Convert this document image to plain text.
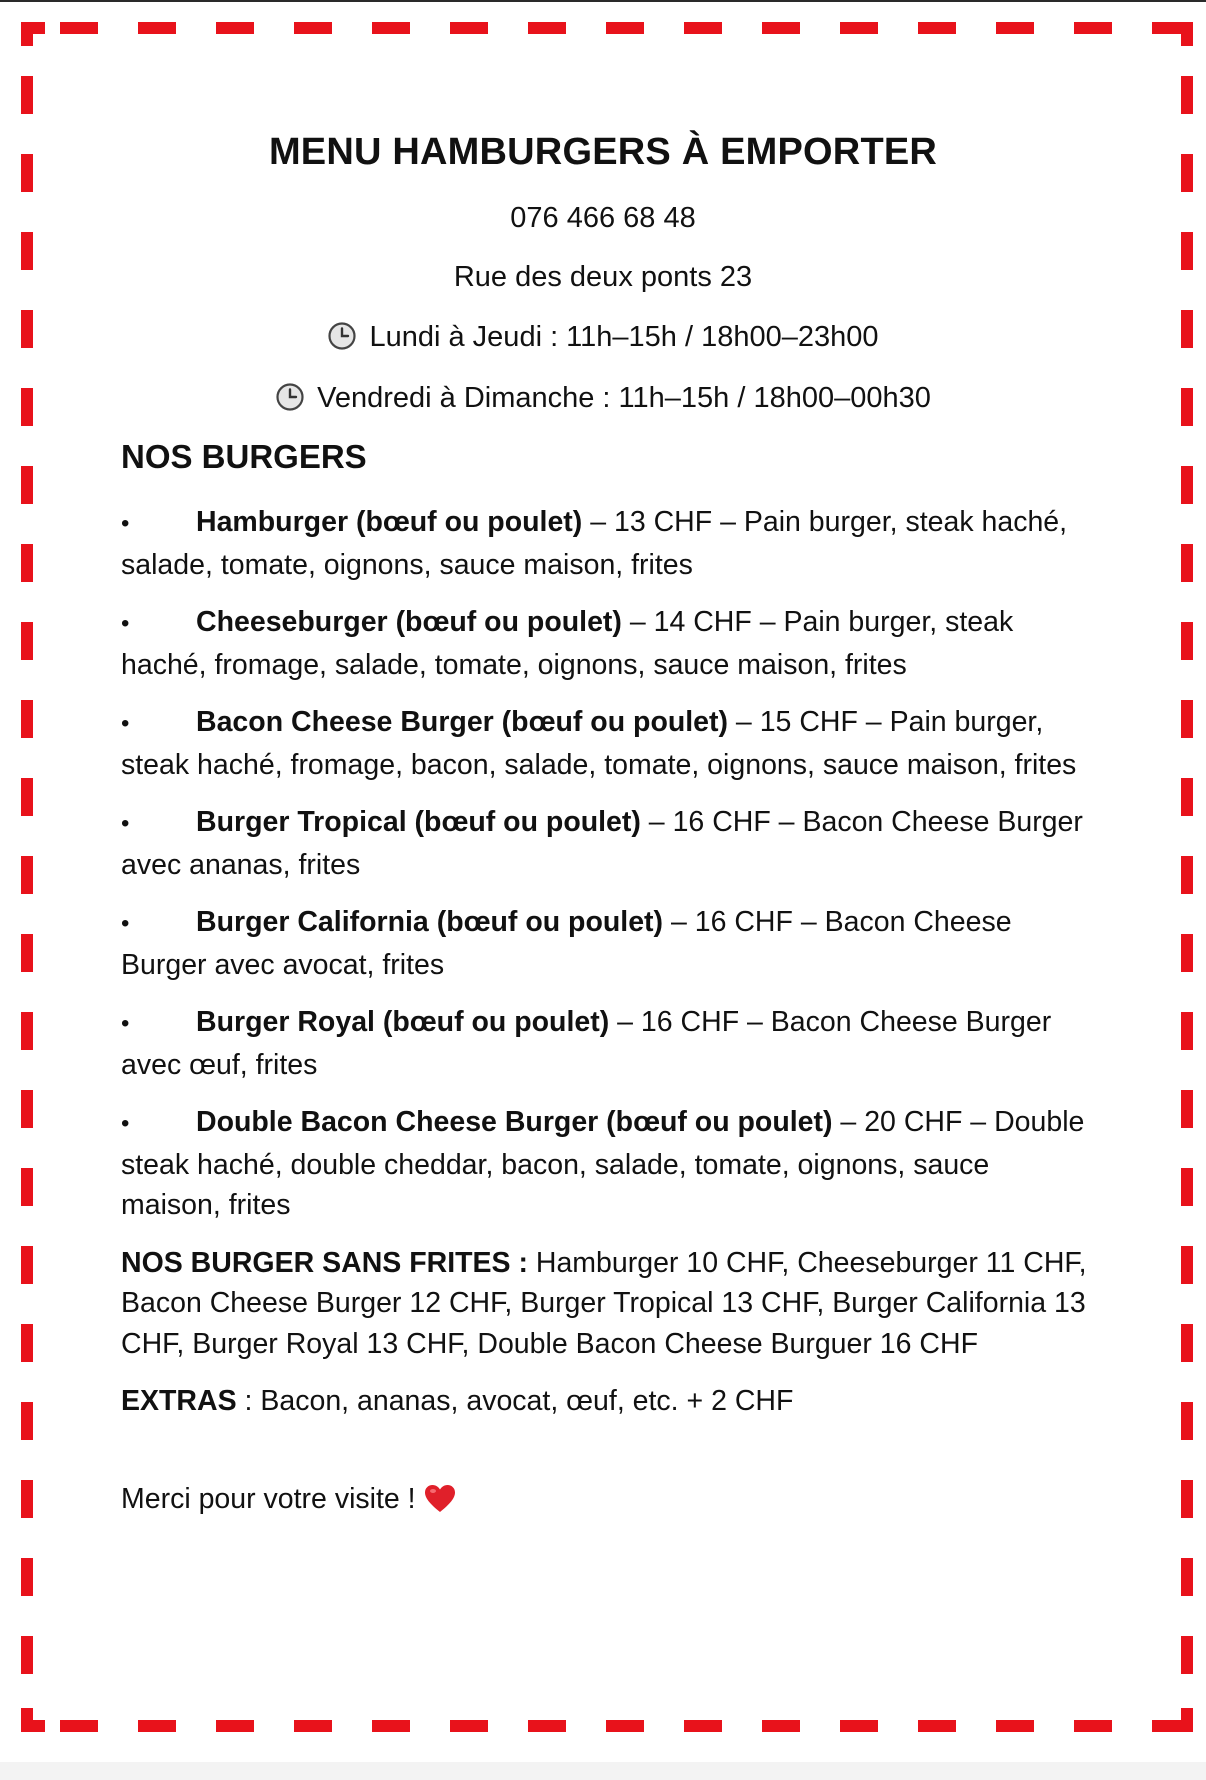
MENU HAMBURGERS À EMPORTER
076 466 68 48
Rue des deux ponts 23
Lundi à Jeudi : 11h–15h / 18h00–23h00
Vendredi à Dimanche : 11h–15h / 18h00–00h30
NOS BURGERS
• Hamburger (bœuf ou poulet) – 13 CHF – Pain burger, steak haché, salade, tomate, oignons, sauce maison, frites
• Cheeseburger (bœuf ou poulet) – 14 CHF – Pain burger, steak haché, fromage, salade, tomate, oignons, sauce maison, frites
• Bacon Cheese Burger (bœuf ou poulet) – 15 CHF – Pain burger, steak haché, fromage, bacon, salade, tomate, oignons, sauce maison, frites
• Burger Tropical (bœuf ou poulet) – 16 CHF – Bacon Cheese Burger avec ananas, frites
• Burger California (bœuf ou poulet) – 16 CHF – Bacon Cheese Burger avec avocat, frites
• Burger Royal (bœuf ou poulet) – 16 CHF – Bacon Cheese Burger avec œuf, frites
• Double Bacon Cheese Burger (bœuf ou poulet) – 20 CHF – Double steak haché, double cheddar, bacon, salade, tomate, oignons, sauce maison, frites
NOS BURGER SANS FRITES : Hamburger 10 CHF, Cheeseburger 11 CHF, Bacon Cheese Burger 12 CHF, Burger Tropical 13 CHF, Burger California 13 CHF, Burger Royal 13 CHF, Double Bacon Cheese Burguer 16 CHF
EXTRAS : Bacon, ananas, avocat, œuf, etc. + 2 CHF
Merci pour votre visite !
